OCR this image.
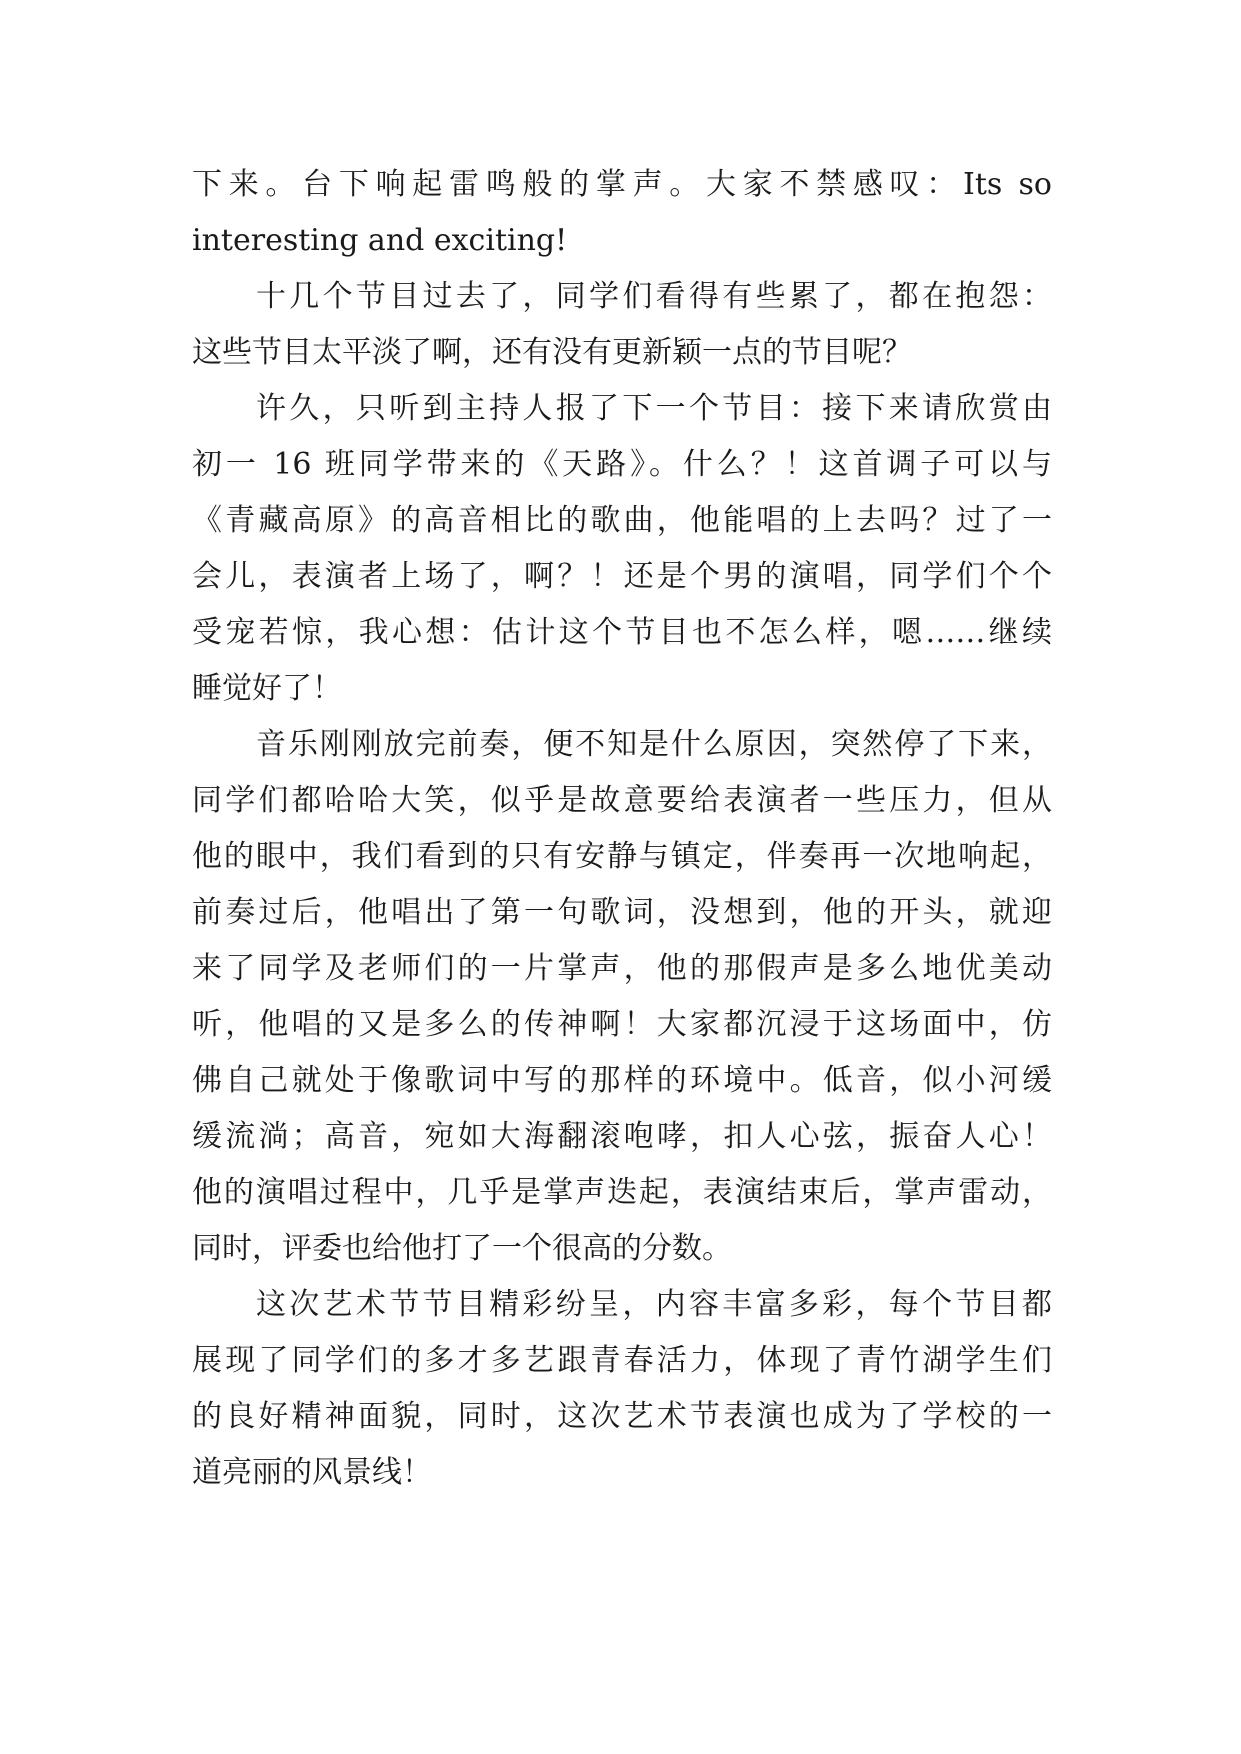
下来。台下响起雷鸣般的掌声。大家不禁感叹：Its so
interesting and exciting!
十几个节目过去了，同学们看得有些累了，都在抱怨：
这些节目太平淡了啊，还有没有更新颖一点的节目呢？
许久，只听到主持人报了下一个节目：接下来请欣赏由
初一 16 班同学带来的《天路》。什么？！这首调子可以与
《青藏高原》的高音相比的歌曲，他能唱的上去吗？过了一
会儿，表演者上场了，啊？！还是个男的演唱，同学们个个
受宠若惊，我心想：估计这个节目也不怎么样，嗯……继续
睡觉好了！
音乐刚刚放完前奏，便不知是什么原因，突然停了下来，
同学们都哈哈大笑，似乎是故意要给表演者一些压力，但从
他的眼中，我们看到的只有安静与镇定，伴奏再一次地响起，
前奏过后，他唱出了第一句歌词，没想到，他的开头，就迎
来了同学及老师们的一片掌声，他的那假声是多么地优美动
听，他唱的又是多么的传神啊！大家都沉浸于这场面中，仿
佛自己就处于像歌词中写的那样的环境中。低音，似小河缓
缓流淌；高音，宛如大海翻滚咆哮，扣人心弦，振奋人心！
他的演唱过程中，几乎是掌声迭起，表演结束后，掌声雷动，
同时，评委也给他打了一个很高的分数。
这次艺术节节目精彩纷呈，内容丰富多彩，每个节目都
展现了同学们的多才多艺跟青春活力，体现了青竹湖学生们
的良好精神面貌，同时，这次艺术节表演也成为了学校的一
道亮丽的风景线！
